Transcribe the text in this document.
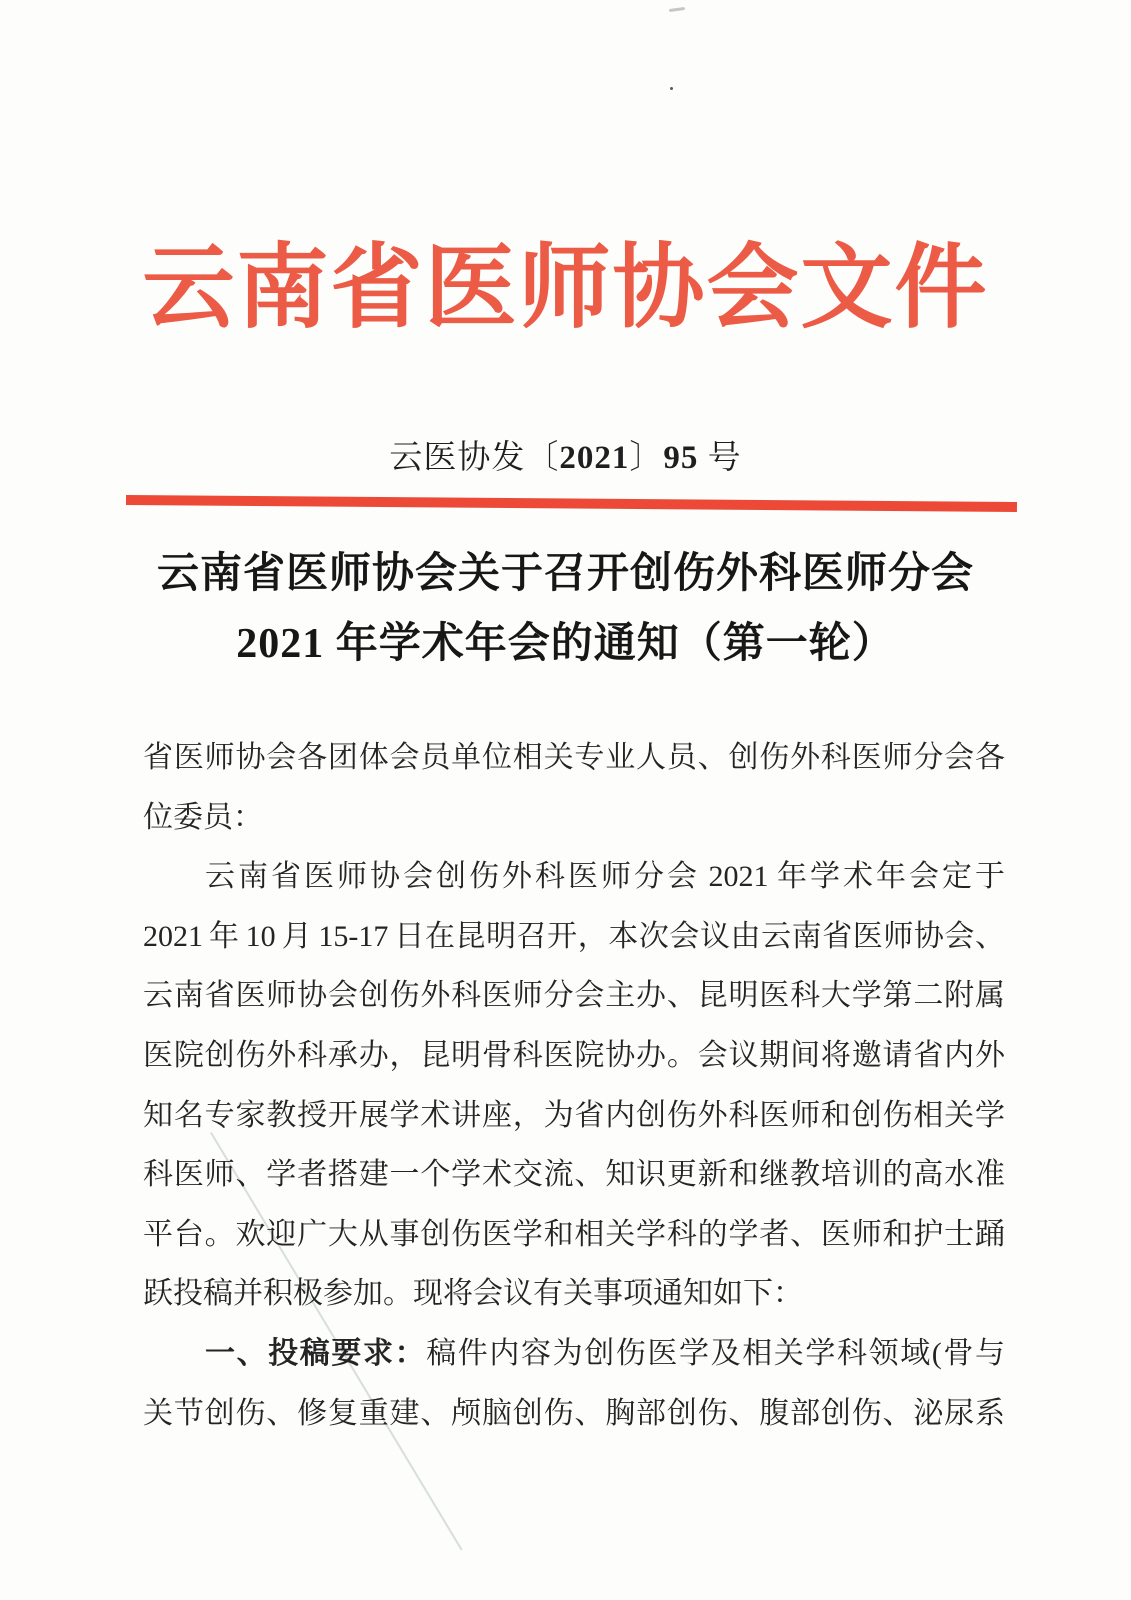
云南省医师协会文件
云医协发〔2021〕95 号
云南省医师协会关于召开创伤外科医师分会
2021 年学术年会的通知（第一轮）
省医师协会各团体会员单位相关专业人员、创伤外科医师分会各
位委员：
云南省医师协会创伤外科医师分会 2021 年学术年会定于
2021 年 10 月 15-17 日在昆明召开，本次会议由云南省医师协会、
云南省医师协会创伤外科医师分会主办、昆明医科大学第二附属
医院创伤外科承办，昆明骨科医院协办。会议期间将邀请省内外
知名专家教授开展学术讲座，为省内创伤外科医师和创伤相关学
科医师、学者搭建一个学术交流、知识更新和继教培训的高水准
平台。欢迎广大从事创伤医学和相关学科的学者、医师和护士踊
跃投稿并积极参加。现将会议有关事项通知如下：
一、投稿要求：稿件内容为创伤医学及相关学科领域(骨与
关节创伤、修复重建、颅脑创伤、胸部创伤、腹部创伤、泌尿系
